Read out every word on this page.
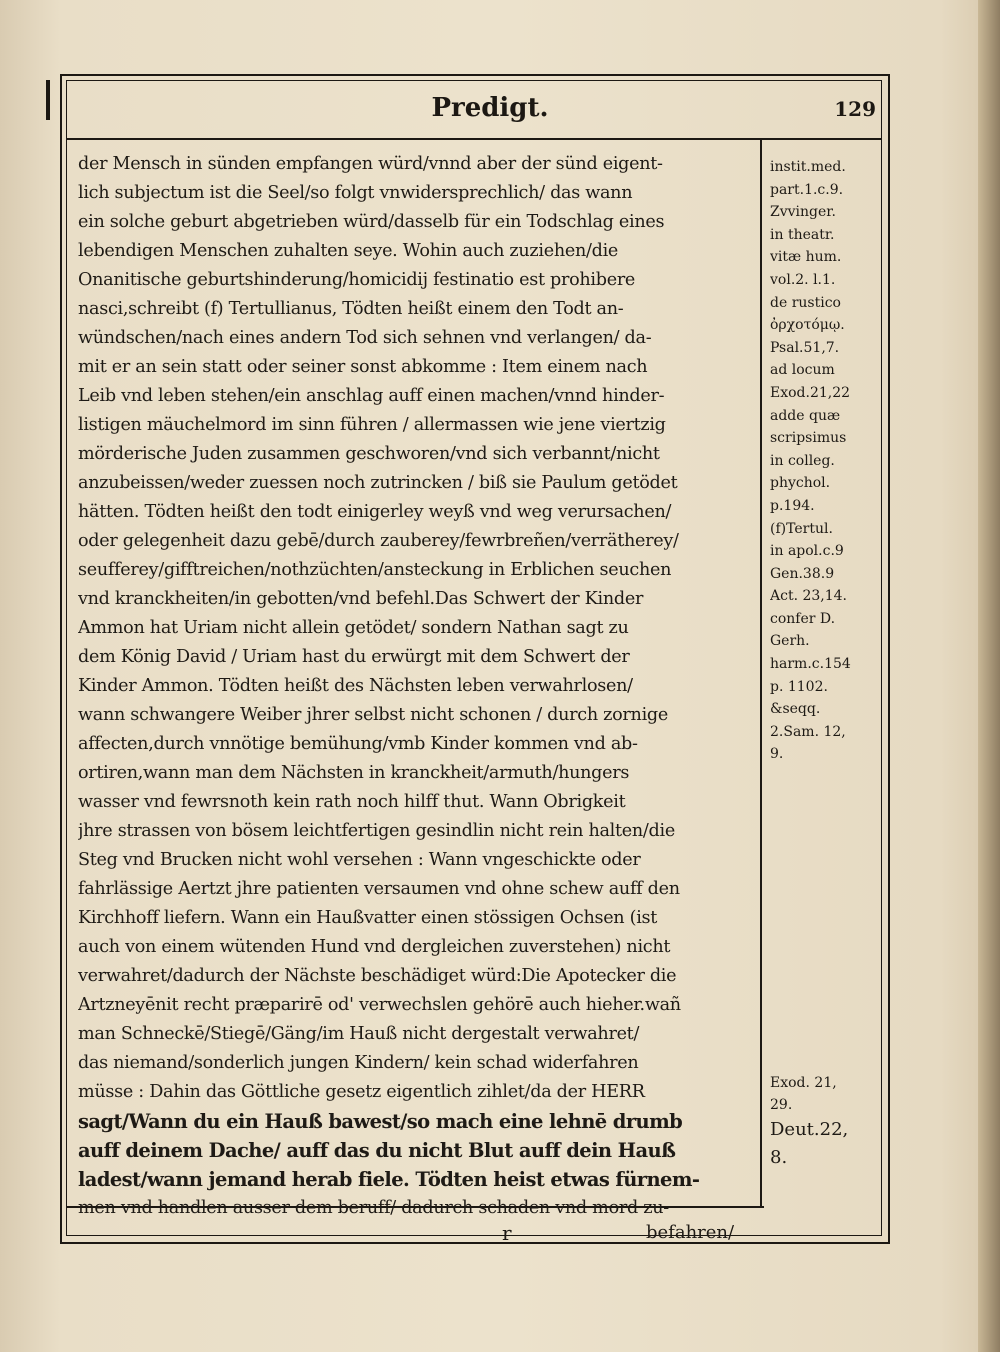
Predigt.	129
der Mensch in sünden empfangen würd/vnnd aber der sünd eigent-
lich subjectum ist die Seel/so folgt vnwidersprechlich/ das wann
ein solche geburt abgetrieben würd/dasselb für ein Todschlag eines
lebendigen Menschen zuhalten seye. Wohin auch zuziehen/die
Onanitische geburtshinderung/homicidij festinatio est prohibere
nasci,schreibt (f) Tertullianus, Tödten heißt einem den Todt an-
wündschen/nach eines andern Tod sich sehnen vnd verlangen/ da-
mit er an sein statt oder seiner sonst abkomme : Item einem nach
Leib vnd leben stehen/ein anschlag auff einen machen/vnnd hinder-
listigen mäuchelmord im sinn führen / allermassen wie jene viertzig
mörderische Juden zusammen geschworen/vnd sich verbannt/nicht
anzubeissen/weder zuessen noch zutrincken / biß sie Paulum getödet
hätten. Tödten heißt den todt einigerley weyß vnd weg verursachen/
oder gelegenheit dazu gebē/durch zauberey/fewrbreñen/verrätherey/
seufferey/gifftreichen/nothzüchten/ansteckung in Erblichen seuchen
vnd kranckheiten/in gebotten/vnd befehl.Das Schwert der Kinder
Ammon hat Uriam nicht allein getödet/ sondern Nathan sagt zu
dem König David / Uriam hast du erwürgt mit dem Schwert der
Kinder Ammon. Tödten heißt des Nächsten leben verwahrlosen/
wann schwangere Weiber jhrer selbst nicht schonen / durch zornige
affecten,durch vnnötige bemühung/vmb Kinder kommen vnd ab-
ortiren,wann man dem Nächsten in kranckheit/armuth/hungers
wasser vnd fewrsnoth kein rath noch hilff thut. Wann Obrigkeit
jhre strassen von bösem leichtfertigen gesindlin nicht rein halten/die
Steg vnd Brucken nicht wohl versehen : Wann vngeschickte oder
fahrlässige Aertzt jhre patienten versaumen vnd ohne schew auff den
Kirchhoff liefern. Wann ein Haußvatter einen stössigen Ochsen (ist
auch von einem wütenden Hund vnd dergleichen zuverstehen) nicht
verwahret/dadurch der Nächste beschädiget würd:Die Apotecker die
Artzneyēnit recht præparirē od' verwechslen gehörē auch hieher.wañ
man Schneckē/Stiegē/Gäng/im Hauß nicht dergestalt verwahret/
das niemand/sonderlich jungen Kindern/ kein schad widerfahren
müsse : Dahin das Göttliche gesetz eigentlich zihlet/da der HERR
sagt/Wann du ein Hauß bawest/so mach eine lehnē drumb
auff deinem Dache/ auff das du nicht Blut auff dein Hauß
ladest/wann jemand herab fiele. Tödten heist etwas fürnem-
men vnd handlen ausser dem beruff/ dadurch schaden vnd mord zu-
instit.med.
part.1.c.9.
Zvvinger.
in theatr.
vitæ hum.
vol.2. l.1.
de rustico
ὀρχοτόμῳ.
Psal.51,7.
ad locum
Exod.21,22
adde quæ
scripsimus
in colleg.
phychol.
p.194.
(f)Tertul.
in apol.c.9
Gen.38.9
Act. 23,14.
confer D.
Gerh.
harm.c.154
p. 1102.
&seqq.
2.Sam. 12,
9.
Exod. 21,
29.
Deut.22,
8.
r	befahren/
